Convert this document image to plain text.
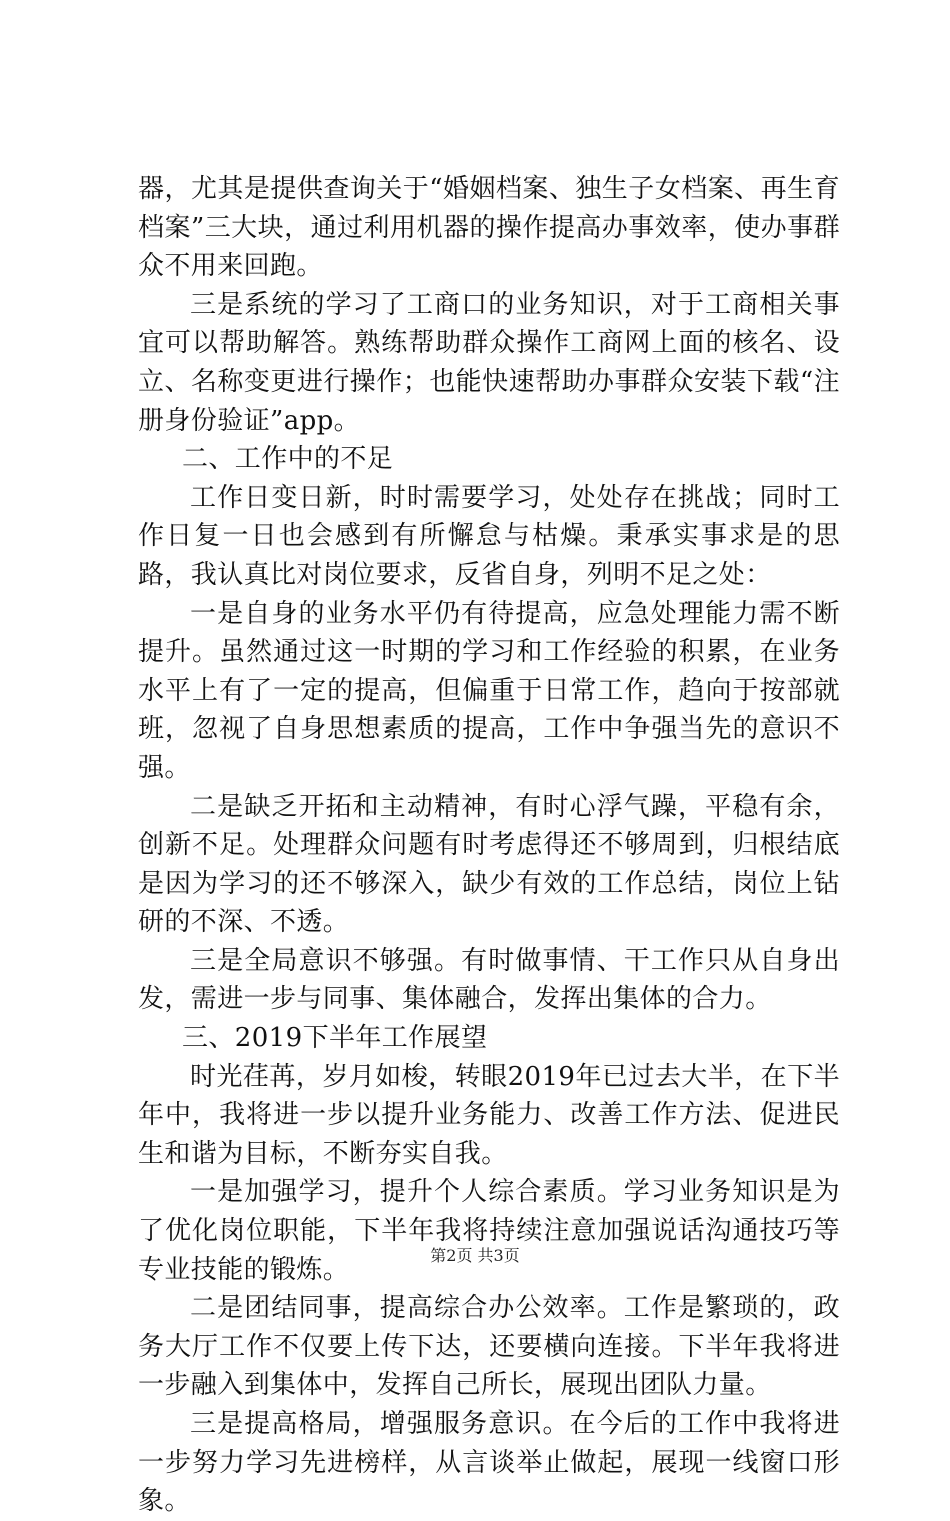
器，尤其是提供查询关于“婚姻档案、独生子女档案、再生育档案”三大块，通过利用机器的操作提高办事效率，使办事群众不用来回跑。

三是系统的学习了工商口的业务知识，对于工商相关事宜可以帮助解答。熟练帮助群众操作工商网上面的核名、设立、名称变更进行操作；也能快速帮助办事群众安装下载“注册身份验证”app。

二、工作中的不足

工作日变日新，时时需要学习，处处存在挑战；同时工作日复一日也会感到有所懈怠与枯燥。秉承实事求是的思路，我认真比对岗位要求，反省自身，列明不足之处：

一是自身的业务水平仍有待提高，应急处理能力需不断提升。虽然通过这一时期的学习和工作经验的积累，在业务水平上有了一定的提高，但偏重于日常工作，趋向于按部就班，忽视了自身思想素质的提高，工作中争强当先的意识不强。

二是缺乏开拓和主动精神，有时心浮气躁，平稳有余，创新不足。处理群众问题有时考虑得还不够周到，归根结底是因为学习的还不够深入，缺少有效的工作总结，岗位上钻研的不深、不透。

三是全局意识不够强。有时做事情、干工作只从自身出发，需进一步与同事、集体融合，发挥出集体的合力。

三、2019下半年工作展望

时光荏苒，岁月如梭，转眼2019年已过去大半，在下半年中，我将进一步以提升业务能力、改善工作方法、促进民生和谐为目标，不断夯实自我。

一是加强学习，提升个人综合素质。学习业务知识是为了优化岗位职能，下半年我将持续注意加强说话沟通技巧等专业技能的锻炼。

二是团结同事，提高综合办公效率。工作是繁琐的，政务大厅工作不仅要上传下达，还要横向连接。下半年我将进一步融入到集体中，发挥自己所长，展现出团队力量。

三是提高格局，增强服务意识。在今后的工作中我将进一步努力学习先进榜样，从言谈举止做起，展现一线窗口形象。

第2页 共3页
